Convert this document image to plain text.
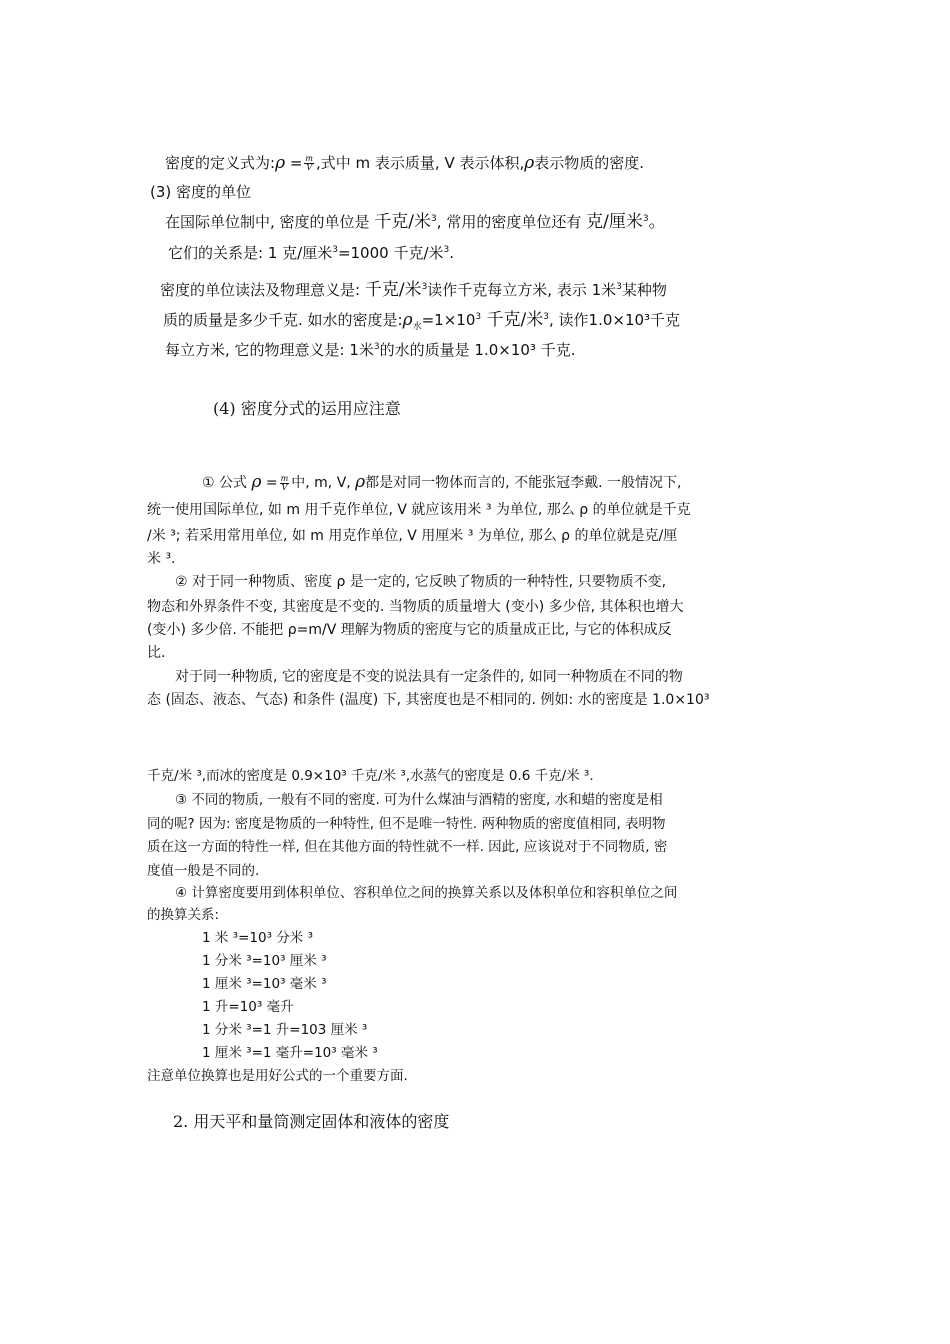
密度的定义式为:ρ = $\frac{m}{V}$ ,式中 m 表示质量, V 表示体积,ρ表示物质的密度.
(3) 密度的单位
在国际单位制中, 密度的单位是 千克/米$^3$, 常用的密度单位还有 克/厘米$^3$。
它们的关系是: 1 克/厘米$^3$=1000 千克/米$^3$.
密度的单位读法及物理意义是: 千克/米$^3$读作千克每立方米, 表示 1米$^3$某种物
质的质量是多少千克. 如水的密度是$:\rho_水=1\times 10^3$ 千克/米$^3$, 读作1.0×10³千克
每立方米, 它的物理意义是: 1米$^3$的水的质量是 1.0×10³ 千克.
(4) 密度分式的运用应注意
① 公式 $\rho = \frac{m}{V}$ 中, m, V, ρ都是对同一物体而言的, 不能张冠李戴. 一般情况下,
统一使用国际单位, 如 m 用千克作单位, V 就应该用米 ³ 为单位, 那么 ρ 的单位就是千克
/米 ³; 若采用常用单位, 如 m 用克作单位, V 用厘米 ³ 为单位, 那么 ρ 的单位就是克/厘
米 ³.
② 对于同一种物质、密度 ρ 是一定的, 它反映了物质的一种特性, 只要物质不变,
物态和外界条件不变, 其密度是不变的. 当物质的质量增大 (变小) 多少倍, 其体积也增大
(变小) 多少倍. 不能把 ρ=m/V 理解为物质的密度与它的质量成正比, 与它的体积成反
比.
对于同一种物质, 它的密度是不变的说法具有一定条件的, 如同一种物质在不同的物
态 (固态、液态、气态) 和条件 (温度) 下, 其密度也是不相同的. 例如: 水的密度是 1.0×10³
千克/米 ³,而冰的密度是 0.9×10³ 千克/米 ³,水蒸气的密度是 0.6 千克/米 ³.
③ 不同的物质, 一般有不同的密度. 可为什么煤油与酒精的密度, 水和蜡的密度是相
同的呢? 因为: 密度是物质的一种特性, 但不是唯一特性. 两种物质的密度值相同, 表明物
质在这一方面的特性一样, 但在其他方面的特性就不一样. 因此, 应该说对于不同物质, 密
度值一般是不同的.
④ 计算密度要用到体积单位、容积单位之间的换算关系以及体积单位和容积单位之间
的换算关系:
1 米 ³=10³ 分米 ³
1 分米 ³=10³ 厘米 ³
1 厘米 ³=10³ 毫米 ³
1 升=10³ 毫升
1 分米 ³=1 升=103 厘米 ³
1 厘米 ³=1 毫升=10³ 毫米 ³
注意单位换算也是用好公式的一个重要方面.
2. 用天平和量筒测定固体和液体的密度
